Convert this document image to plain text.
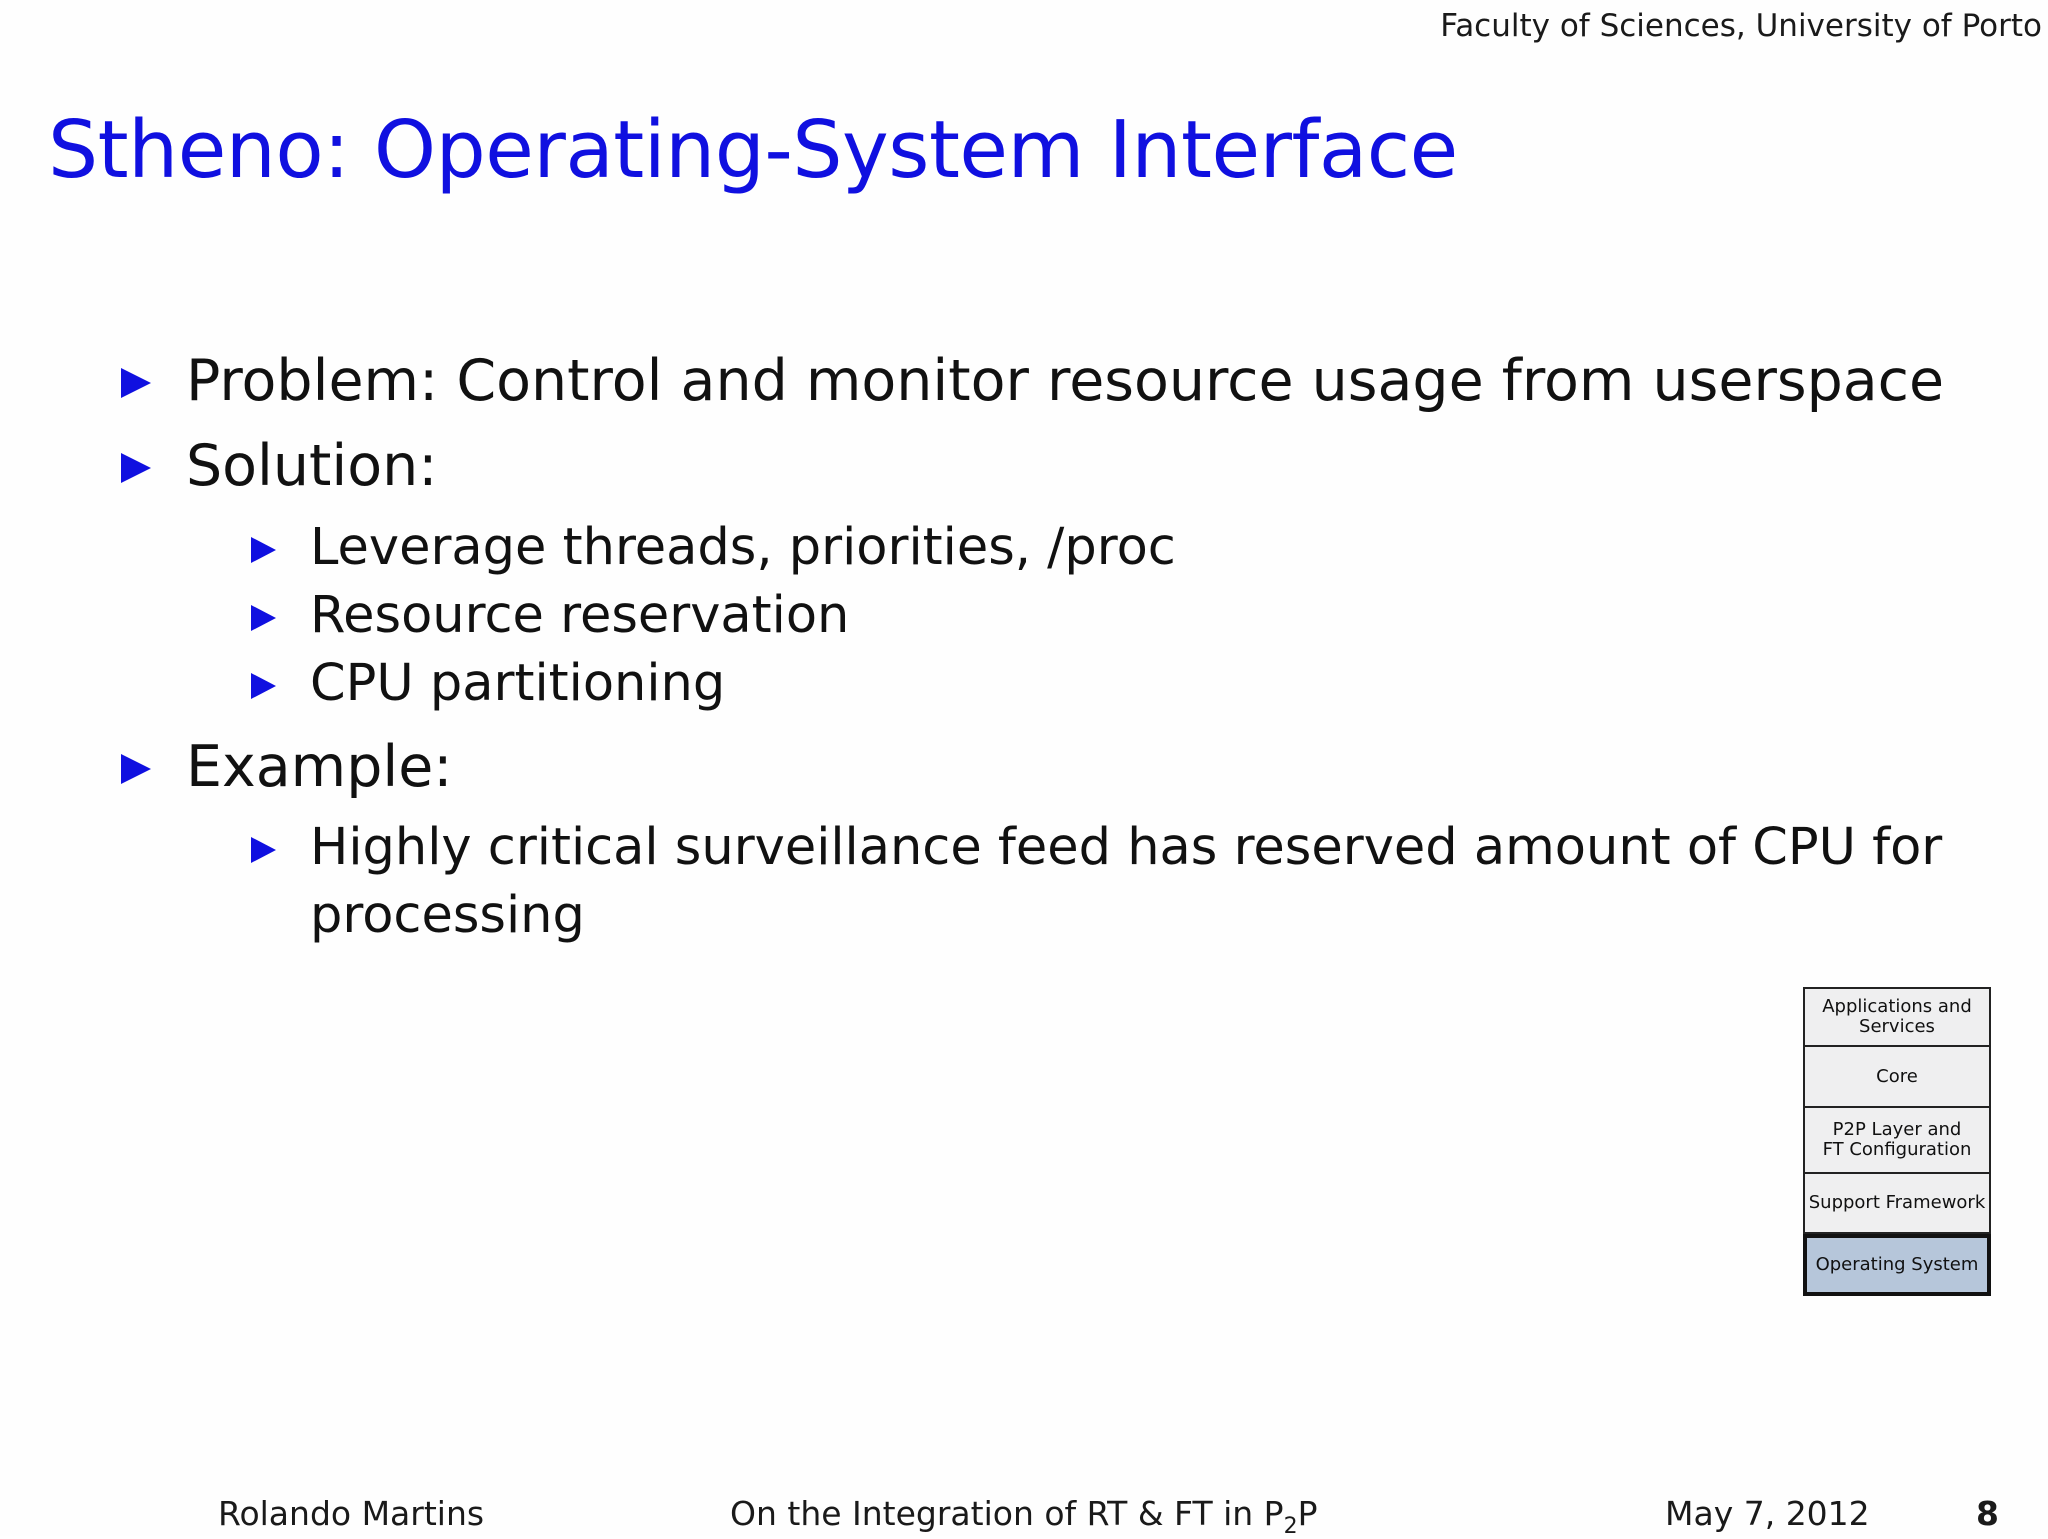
Faculty of Sciences, University of Porto
Stheno: Operating-System Interface
Problem: Control and monitor resource usage from userspace
Solution:
Leverage threads, priorities, /proc
Resource reservation
CPU partitioning
Example:
Highly critical surveillance feed has reserved amount of CPU for
processing
Applications and
Services
Core
P2P Layer and
FT Configuration
Support Framework
Operating System
Rolando Martins	On the Integration of RT & FT in $P_2P$	May 7, 2012	8
